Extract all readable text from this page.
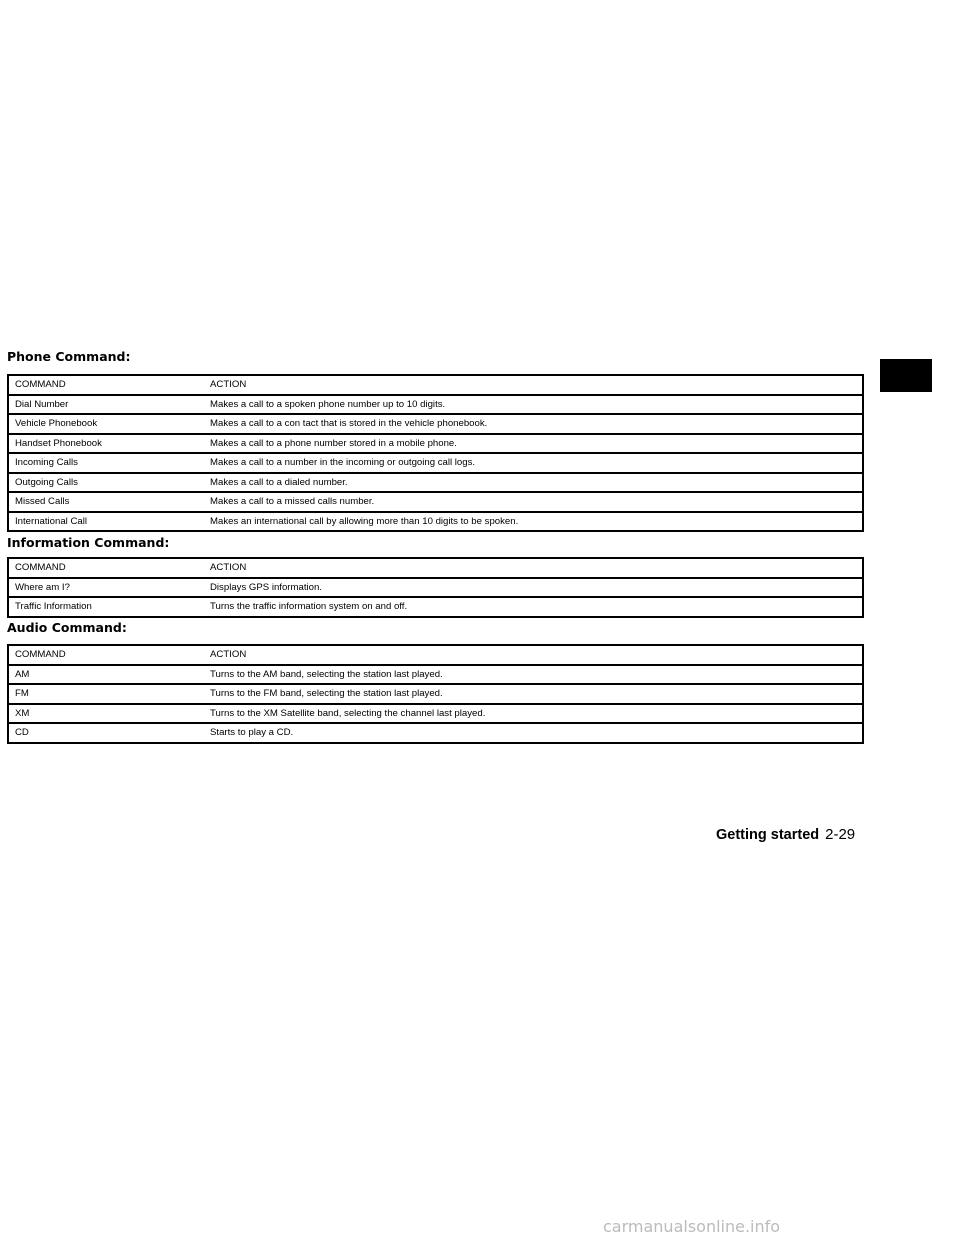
Phone Command:
COMMAND	ACTION
Dial Number	Makes a call to a spoken phone number up to 10 digits.
Vehicle Phonebook	Makes a call to a con tact that is stored in the vehicle phonebook.
Handset Phonebook	Makes a call to a phone number stored in a mobile phone.
Incoming Calls	Makes a call to a number in the incoming or outgoing call logs.
Outgoing Calls	Makes a call to a dialed number.
Missed Calls	Makes a call to a missed calls number.
International Call	Makes an international call by allowing more than 10 digits to be spoken.
Information Command:
COMMAND	ACTION
Where am I?	Displays GPS information.
Traffic Information	Turns the traffic information system on and off.
Audio Command:
COMMAND	ACTION
AM	Turns to the AM band, selecting the station last played.
FM	Turns to the FM band, selecting the station last played.
XM	Turns to the XM Satellite band, selecting the channel last played.
CD	Starts to play a CD.
Getting started 2-29
carmanualsonline.info
